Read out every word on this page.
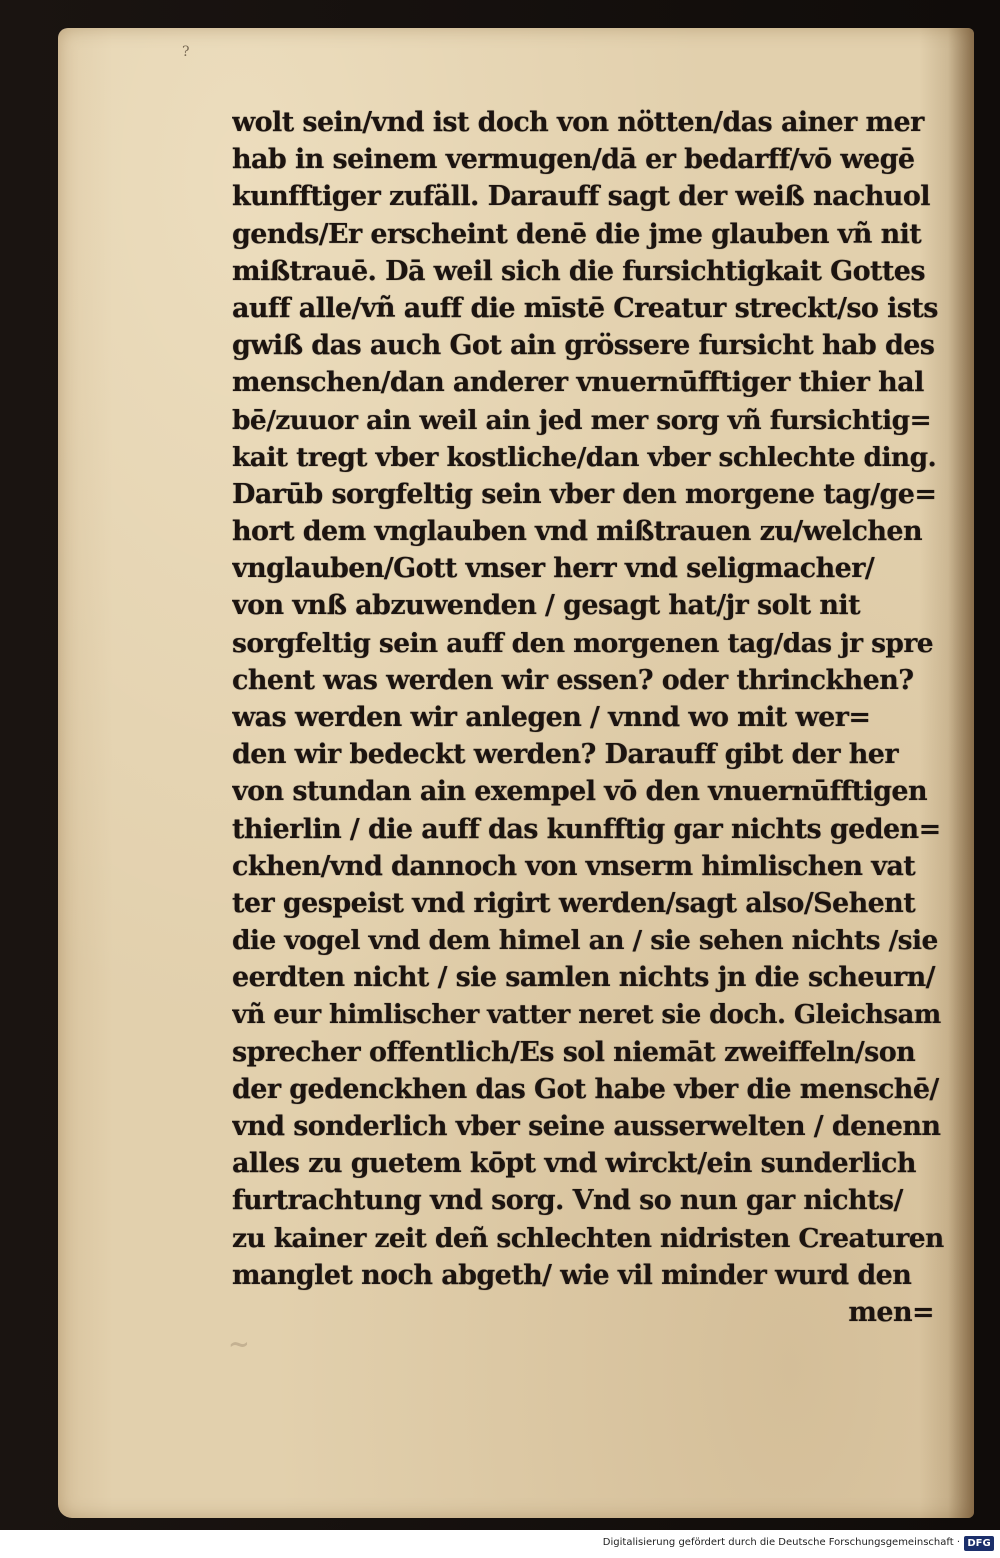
?
~
wolt sein/vnd ist doch von nötten/das ainer mer
hab in seinem vermugen/dā er bedarff/vō wegē
kunfftiger zufäll. Darauff sagt der weiß nachuol
gends/Er erscheint denē die jme glauben vñ nit
mißtrauē. Dā weil sich die fursichtigkait Gottes
auff alle/vñ auff die mīstē Creatur streckt/so ists
gwiß das auch Got ain grössere fursicht hab des
menschen/dan anderer vnuernūfftiger thier hal
bē/zuuor ain weil ain jed mer sorg vñ fursichtig=
kait tregt vber kostliche/dan vber schlechte ding.
Darūb sorgfeltig sein vber den morgene tag/ge=
hort dem vnglauben vnd mißtrauen zu/welchen
vnglauben/Gott vnser herr vnd seligmacher/
von vnß abzuwenden / gesagt hat/jr solt nit
sorgfeltig sein auff den morgenen tag/das jr spre
chent was werden wir essen? oder thrinckhen?
was werden wir anlegen / vnnd wo mit wer=
den wir bedeckt werden? Darauff gibt der her
von stundan ain exempel vō den vnuernūfftigen
thierlin / die auff das kunfftig gar nichts geden=
ckhen/vnd dannoch von vnserm himlischen vat
ter gespeist vnd rigirt werden/sagt also/Sehent
die vogel vnd dem himel an / sie sehen nichts /sie
eerdten nicht / sie samlen nichts jn die scheurn/
vñ eur himlischer vatter neret sie doch. Gleichsam
sprecher offentlich/Es sol niemāt zweiffeln/son
der gedenckhen das Got habe vber die menschē/
vnd sonderlich vber seine ausserwelten / denenn
alles zu guetem kōpt vnd wirckt/ein sunderlich
furtrachtung vnd sorg. Vnd so nun gar nichts/
zu kainer zeit deñ schlechten nidristen Creaturen
manglet noch abgeth/ wie vil minder wurd den
men=
Digitalisierung gefördert durch die Deutsche Forschungsgemeinschaft · DFG
